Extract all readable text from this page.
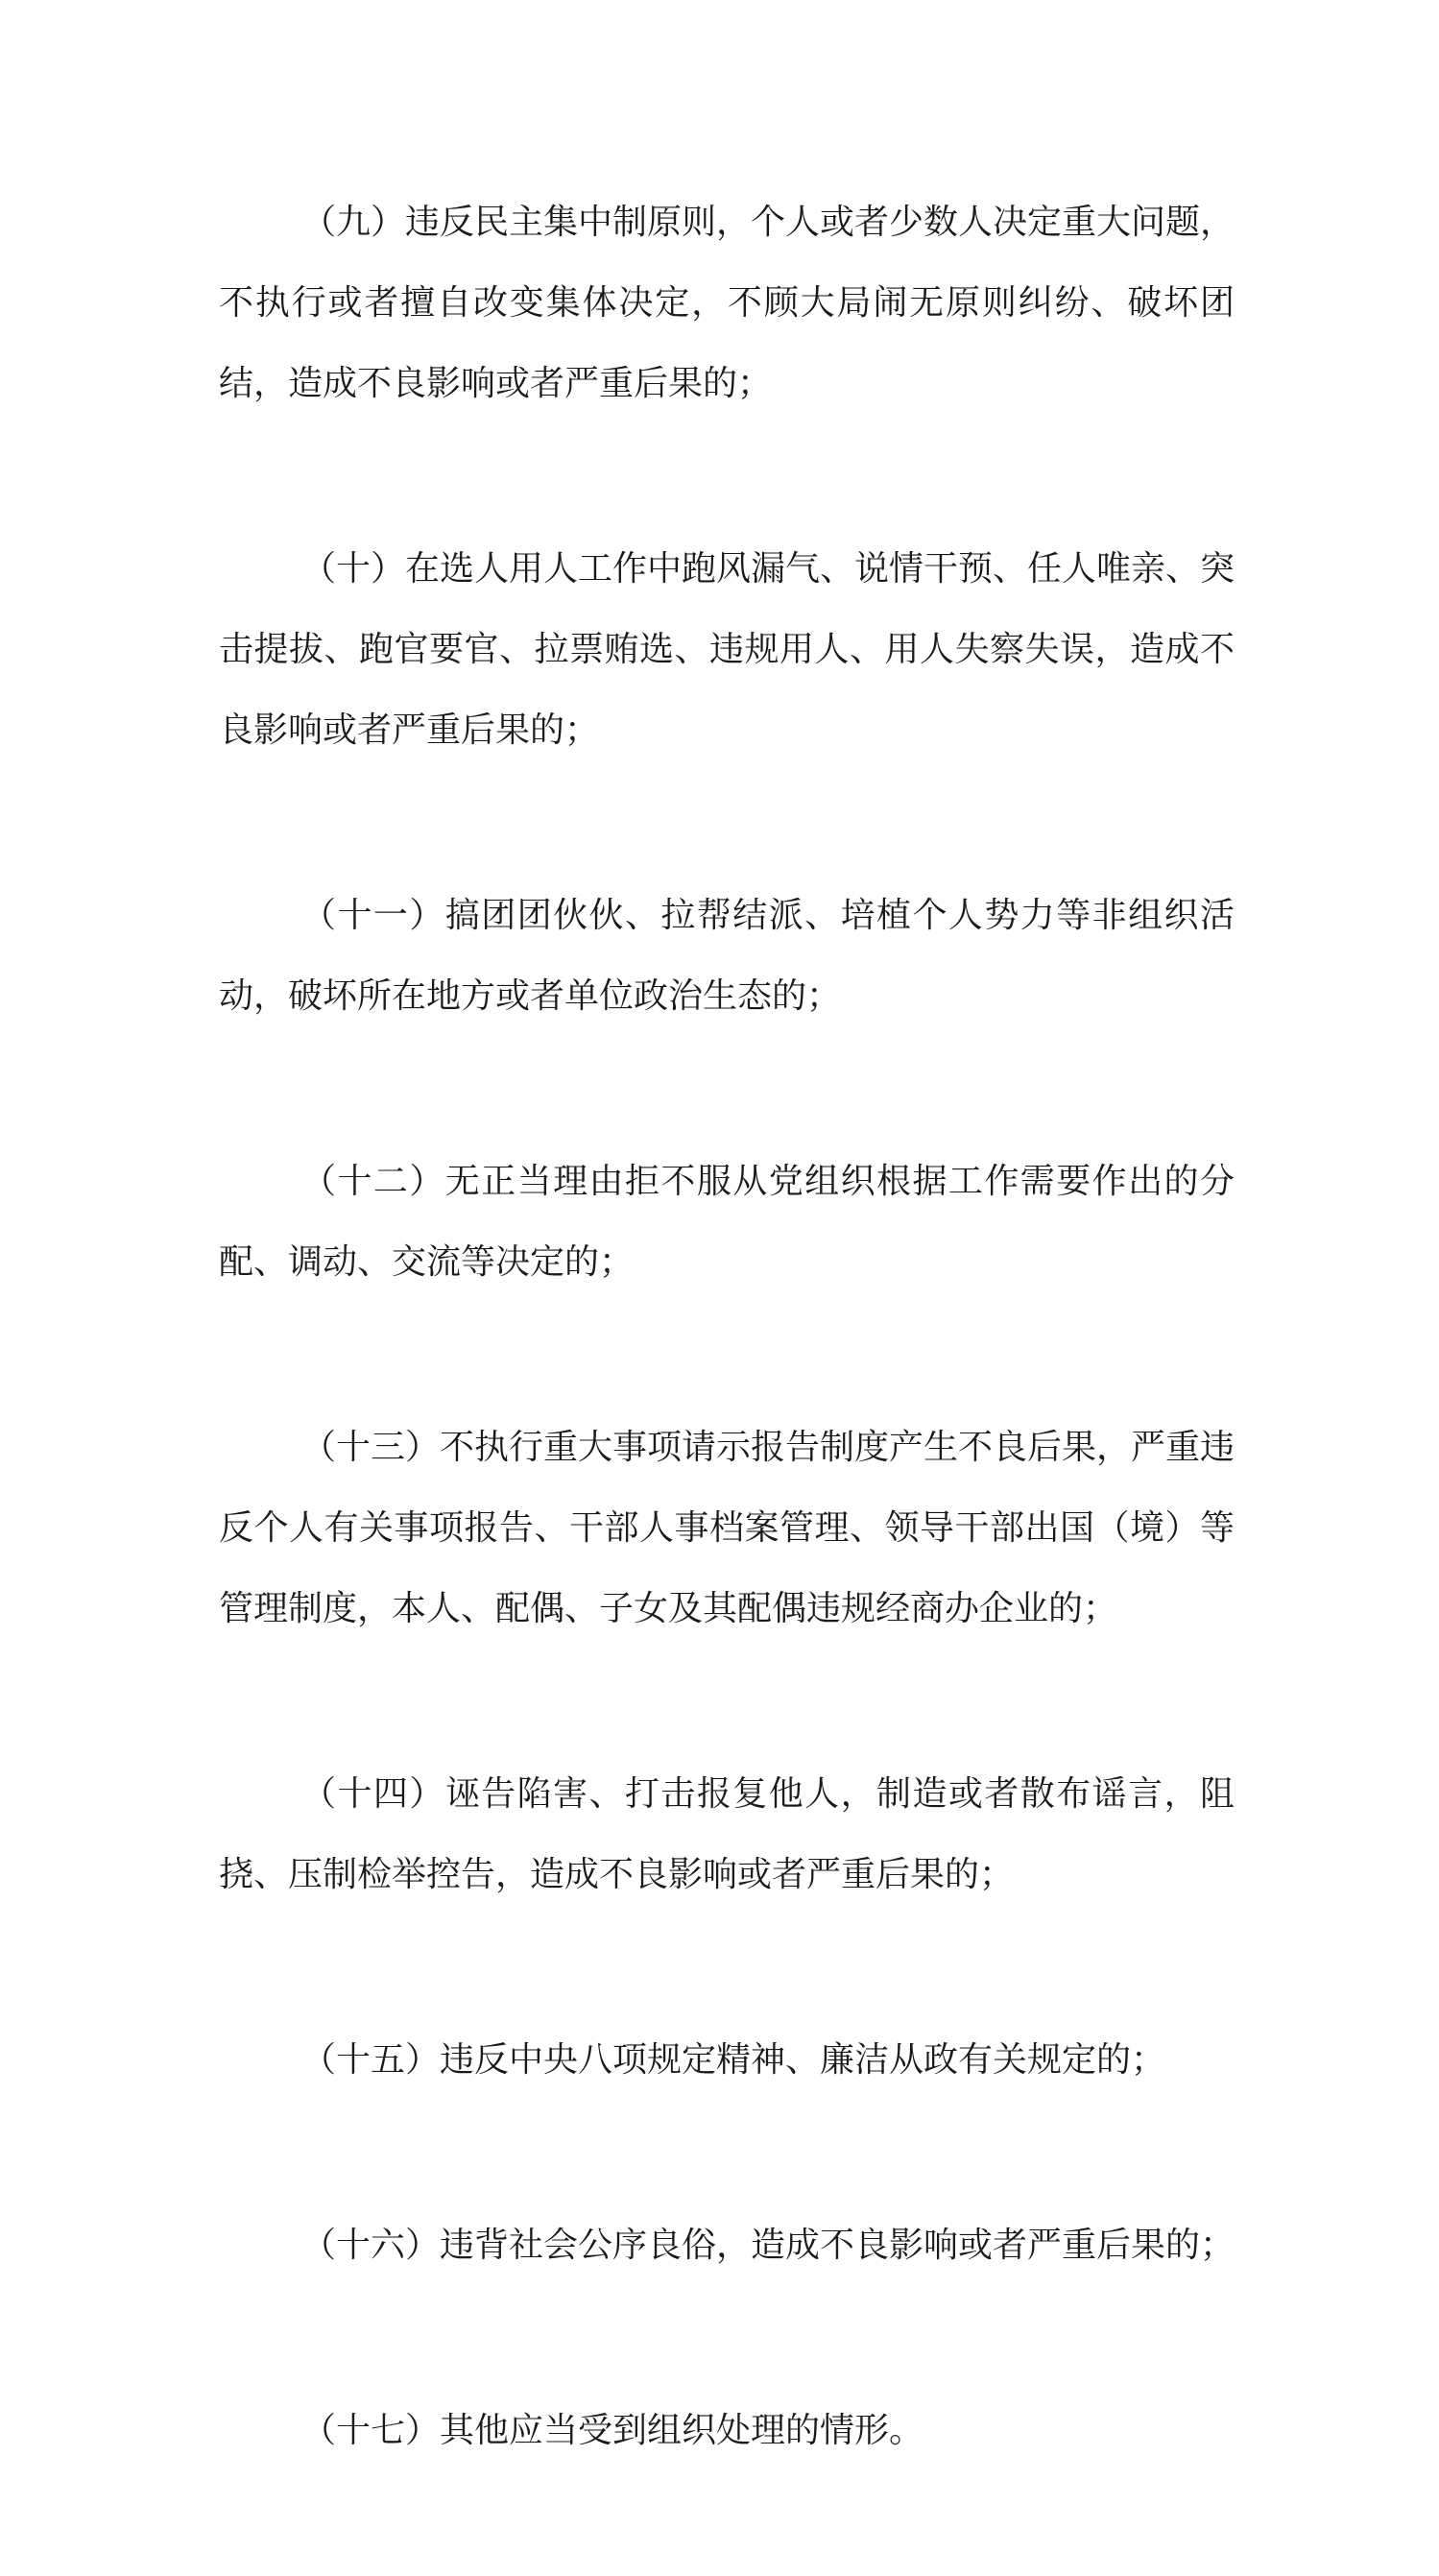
（九）违反民主集中制原则，个人或者少数人决定重大问题，不执行或者擅自改变集体决定，不顾大局闹无原则纠纷、破坏团结，造成不良影响或者严重后果的；

（十）在选人用人工作中跑风漏气、说情干预、任人唯亲、突击提拔、跑官要官、拉票贿选、违规用人、用人失察失误，造成不良影响或者严重后果的；

（十一）搞团团伙伙、拉帮结派、培植个人势力等非组织活动，破坏所在地方或者单位政治生态的；

（十二）无正当理由拒不服从党组织根据工作需要作出的分配、调动、交流等决定的；

（十三）不执行重大事项请示报告制度产生不良后果，严重违反个人有关事项报告、干部人事档案管理、领导干部出国（境）等管理制度，本人、配偶、子女及其配偶违规经商办企业的；

（十四）诬告陷害、打击报复他人，制造或者散布谣言，阻挠、压制检举控告，造成不良影响或者严重后果的；

（十五）违反中央八项规定精神、廉洁从政有关规定的；

（十六）违背社会公序良俗，造成不良影响或者严重后果的；

（十七）其他应当受到组织处理的情形。
